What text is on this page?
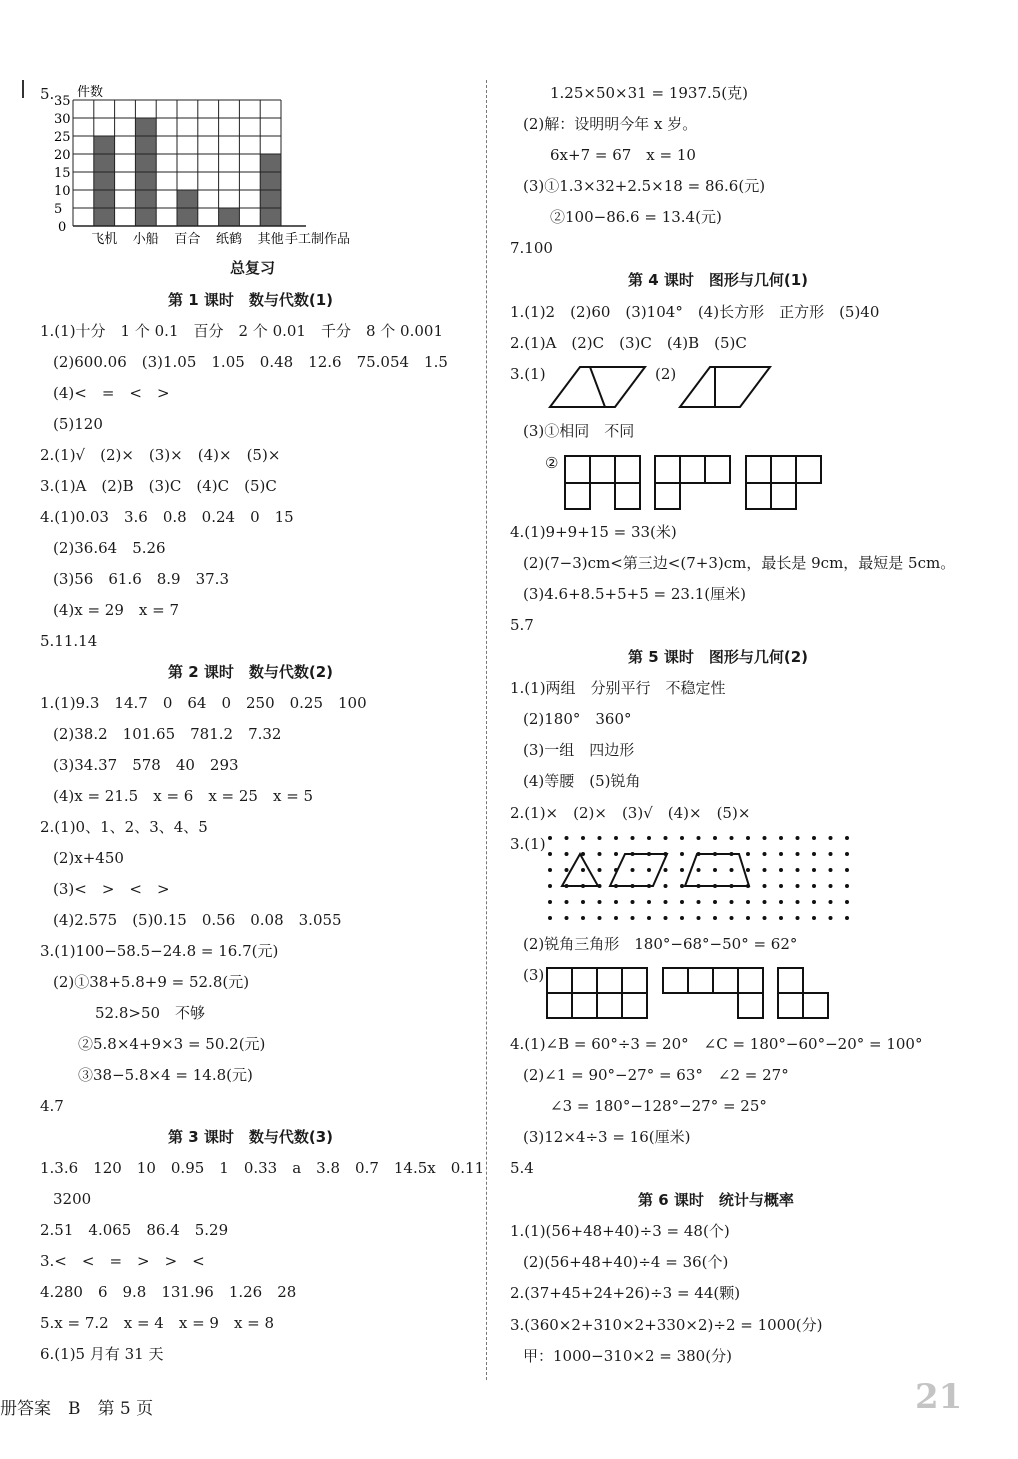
5. 35
30
25
20
15
10
5
0
件数
飞机 小船 百合 纸鹤 其他 手工制作品
总复习
第 1 课时　数与代数(1)
1.(1)十分　1 个 0.1　百分　2 个 0.01　千分　8 个 0.001
(2)600.06　(3)1.05　1.05　0.48　12.6　75.054　1.5
(4)<　=　<　>
(5)120
2.(1)√　(2)×　(3)×　(4)×　(5)×
3.(1)A　(2)B　(3)C　(4)C　(5)C
4.(1)0.03　3.6　0.8　0.24　0　15
(2)36.64　5.26
(3)56　61.6　8.9　37.3
(4)x = 29　x = 7
5.11.14
第 2 课时　数与代数(2)
1.(1)9.3　14.7　0　64　0　250　0.25　100
(2)38.2　101.65　781.2　7.32
(3)34.37　578　40　293
(4)x = 21.5　x = 6　x = 25　x = 5
2.(1)0、1、2、3、4、5
(2)x+450
(3)<　>　<　>
(4)2.575　(5)0.15　0.56　0.08　3.055
3.(1)100−58.5−24.8 = 16.7(元)
(2)①38+5.8+9 = 52.8(元)
52.8>50　不够
②5.8×4+9×3 = 50.2(元)
③38−5.8×4 = 14.8(元)
4.7
第 3 课时　数与代数(3)
1.3.6　120　10　0.95　1　0.33　a　3.8　0.7　14.5x　0.11
3200
2.51　4.065　86.4　5.29
3.<　<　=　>　>　<
4.280　6　9.8　131.96　1.26　28
5.x = 7.2　x = 4　x = 9　x = 8
6.(1)5 月有 31 天
1.25×50×31 = 1937.5(克)
(2)解：设明明今年 x 岁。
6x+7 = 67　x = 10
(3)①1.3×32+2.5×18 = 86.6(元)
②100−86.6 = 13.4(元)
7.100
第 4 课时　图形与几何(1)
1.(1)2　(2)60　(3)104°　(4)长方形　正方形　(5)40
2.(1)A　(2)C　(3)C　(4)B　(5)C
3.(1)	(2)
(3)①相同　不同
②
4.(1)9+9+15 = 33(米)
(2)(7−3)cm<第三边<(7+3)cm，最长是 9cm，最短是 5cm。
(3)4.6+8.5+5+5 = 23.1(厘米)
5.7
第 5 课时　图形与几何(2)
1.(1)两组　分别平行　不稳定性
(2)180°　360°
(3)一组　四边形
(4)等腰　(5)锐角
2.(1)×　(2)×　(3)√　(4)×　(5)×
3.(1)
(2)锐角三角形　180°−68°−50° = 62°
(3)
4.(1)∠B = 60°÷3 = 20°　∠C = 180°−60°−20° = 100°
(2)∠1 = 90°−27° = 63°　∠2 = 27°
∠3 = 180°−128°−27° = 25°
(3)12×4÷3 = 16(厘米)
5.4
第 6 课时　统计与概率
1.(1)(56+48+40)÷3 = 48(个)
(2)(56+48+40)÷4 = 36(个)
2.(37+45+24+26)÷3 = 44(颗)
3.(360×2+310×2+330×2)÷2 = 1000(分)
甲：1000−310×2 = 380(分)
册答案　B　第 5 页	21
